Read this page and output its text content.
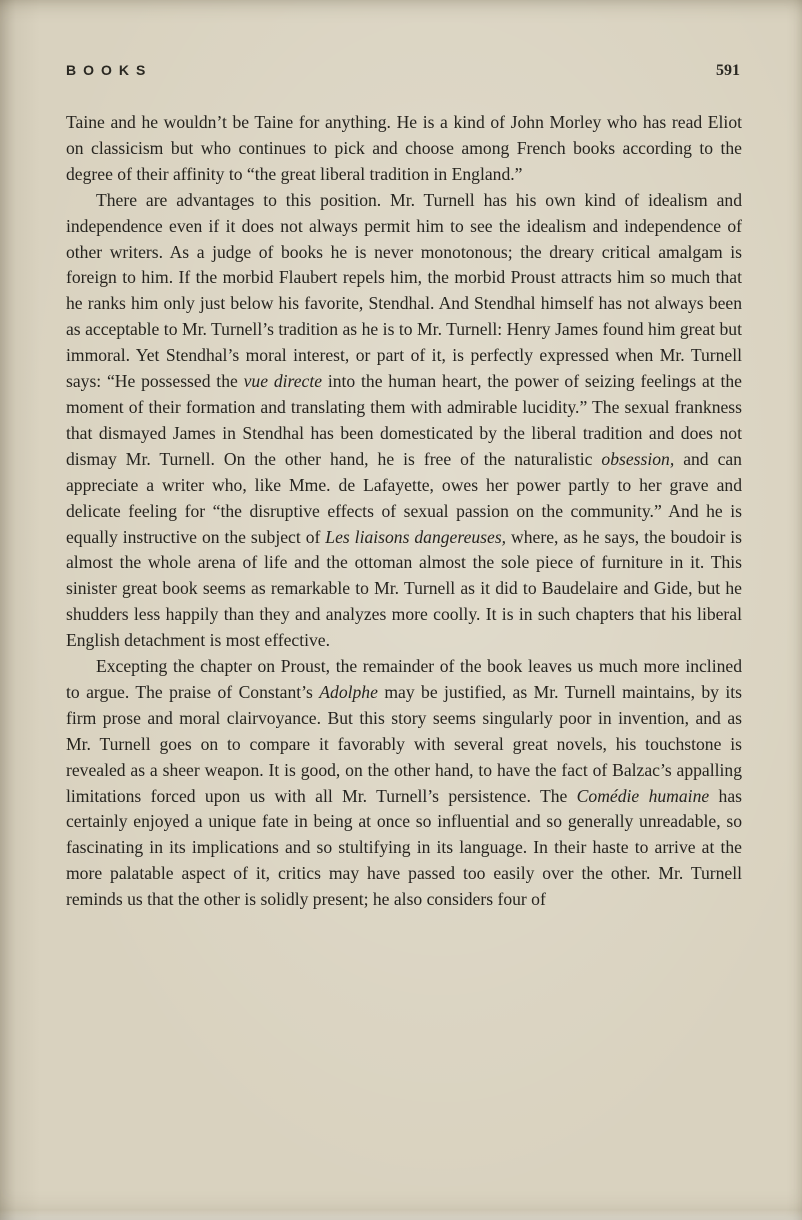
BOOKS	591

Taine and he wouldn’t be Taine for anything. He is a kind of John Morley who has read Eliot on classicism but who continues to pick and choose among French books according to the degree of their affinity to “the great liberal tradition in England.”

There are advantages to this position. Mr. Turnell has his own kind of idealism and independence even if it does not always permit him to see the idealism and independence of other writers. As a judge of books he is never monotonous; the dreary critical amalgam is foreign to him. If the morbid Flaubert repels him, the morbid Proust attracts him so much that he ranks him only just below his favorite, Stendhal. And Stendhal himself has not always been as acceptable to Mr. Turnell’s tradition as he is to Mr. Turnell: Henry James found him great but immoral. Yet Stendhal’s moral interest, or part of it, is perfectly expressed when Mr. Turnell says: “He possessed the vue directe into the human heart, the power of seizing feelings at the moment of their formation and translating them with admirable lucidity.” The sexual frankness that dismayed James in Stendhal has been domesticated by the liberal tradition and does not dismay Mr. Turnell. On the other hand, he is free of the naturalistic obsession, and can appreciate a writer who, like Mme. de Lafayette, owes her power partly to her grave and delicate feeling for “the disruptive effects of sexual passion on the community.” And he is equally instructive on the subject of Les liaisons dangereuses, where, as he says, the boudoir is almost the whole arena of life and the ottoman almost the sole piece of furniture in it. This sinister great book seems as remarkable to Mr. Turnell as it did to Baudelaire and Gide, but he shudders less happily than they and analyzes more coolly. It is in such chapters that his liberal English detachment is most effective.

Excepting the chapter on Proust, the remainder of the book leaves us much more inclined to argue. The praise of Constant’s Adolphe may be justified, as Mr. Turnell maintains, by its firm prose and moral clairvoyance. But this story seems singularly poor in invention, and as Mr. Turnell goes on to compare it favorably with several great novels, his touchstone is revealed as a sheer weapon. It is good, on the other hand, to have the fact of Balzac’s appalling limitations forced upon us with all Mr. Turnell’s persistence. The Comédie humaine has certainly enjoyed a unique fate in being at once so influential and so generally unreadable, so fascinating in its implications and so stultifying in its language. In their haste to arrive at the more palatable aspect of it, critics may have passed too easily over the other. Mr. Turnell reminds us that the other is solidly present; he also considers four of
